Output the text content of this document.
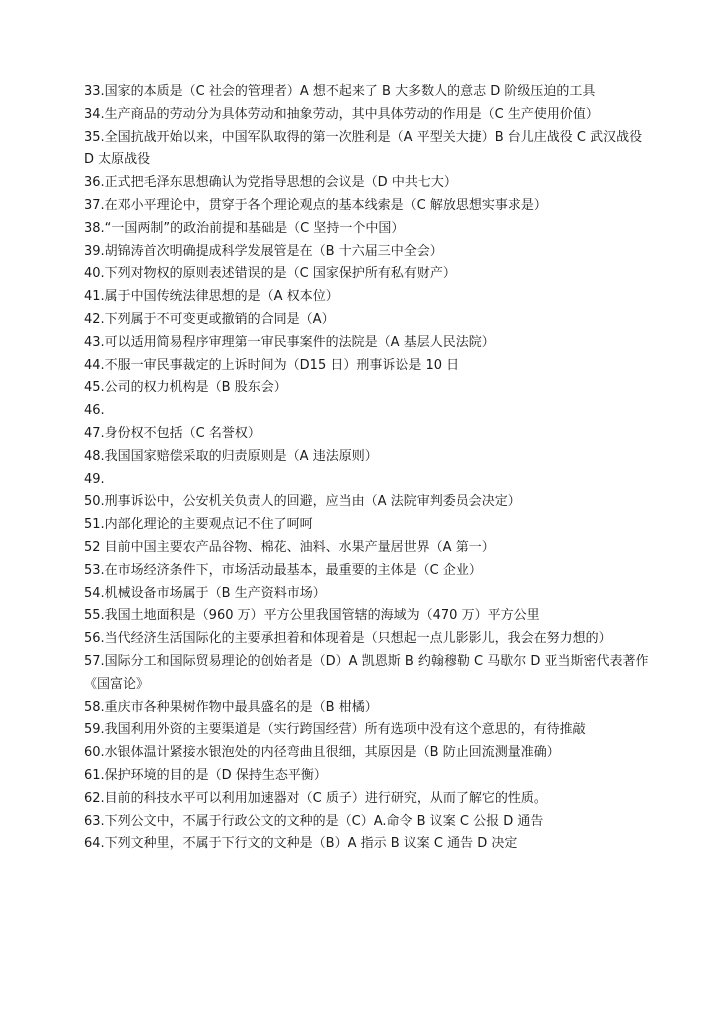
33.国家的本质是（C 社会的管理者）A 想不起来了 B 大多数人的意志 D 阶级压迫的工具
34.生产商品的劳动分为具体劳动和抽象劳动，其中具体劳动的作用是（C 生产使用价值）
35.全国抗战开始以来，中国军队取得的第一次胜利是（A 平型关大捷）B 台儿庄战役 C 武汉战役 D 太原战役
36.正式把毛泽东思想确认为党指导思想的会议是（D 中共七大）
37.在邓小平理论中，贯穿于各个理论观点的基本线索是（C 解放思想实事求是）
38.“一国两制”的政治前提和基础是（C 坚持一个中国）
39.胡锦涛首次明确提成科学发展管是在（B 十六届三中全会）
40.下列对物权的原则表述错误的是（C 国家保护所有私有财产）
41.属于中国传统法律思想的是（A 权本位）
42.下列属于不可变更或撤销的合同是（A）
43.可以适用简易程序审理第一审民事案件的法院是（A 基层人民法院）
44.不服一审民事裁定的上诉时间为（D15 日）刑事诉讼是 10 日
45.公司的权力机构是（B 股东会）
46.
47.身份权不包括（C 名誉权）
48.我国国家赔偿采取的归责原则是（A 违法原则）
49.
50.刑事诉讼中，公安机关负责人的回避，应当由（A 法院审判委员会决定）
51.内部化理论的主要观点记不住了呵呵
52 目前中国主要农产品谷物、棉花、油料、水果产量居世界（A 第一）
53.在市场经济条件下，市场活动最基本，最重要的主体是（C 企业）
54.机械设备市场属于（B 生产资料市场）
55.我国土地面积是（960 万）平方公里我国管辖的海域为（470 万）平方公里
56.当代经济生活国际化的主要承担着和体现着是（只想起一点儿影影儿，我会在努力想的）
57.国际分工和国际贸易理论的创始者是（D）A 凯恩斯 B 约翰穆勒 C 马歇尔 D 亚当斯密代表著作《国富论》
58.重庆市各种果树作物中最具盛名的是（B 柑橘）
59.我国利用外资的主要渠道是（实行跨国经营）所有选项中没有这个意思的，有待推敲
60.水银体温计紧接水银泡处的内径弯曲且很细，其原因是（B 防止回流测量准确）
61.保护环境的目的是（D 保持生态平衡）
62.目前的科技水平可以利用加速器对（C 质子）进行研究，从而了解它的性质。
63.下列公文中，不属于行政公文的文种的是（C）A.命令 B 议案 C 公报 D 通告
64.下列文种里，不属于下行文的文种是（B）A 指示 B 议案 C 通告 D 决定
